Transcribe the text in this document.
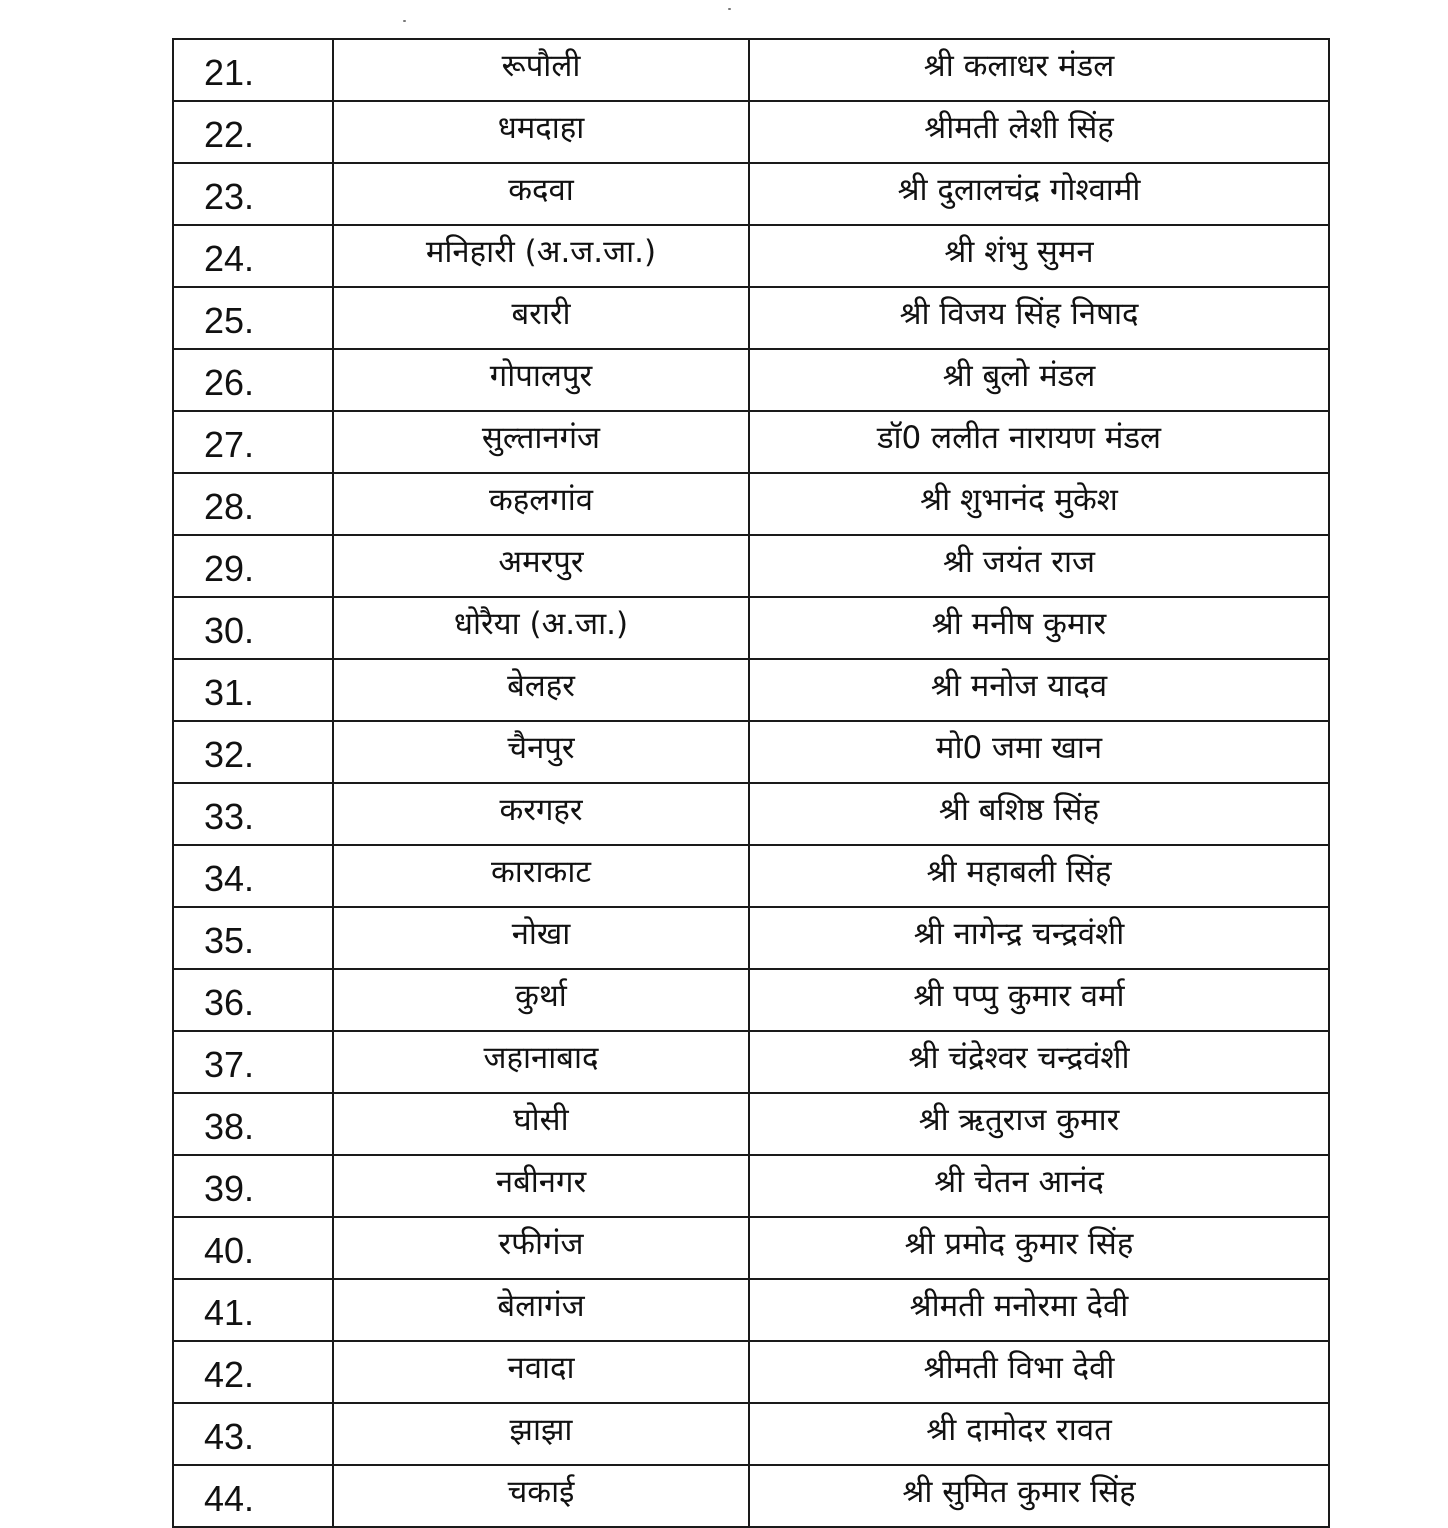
21.	रूपौली	श्री कलाधर मंडल
22.	धमदाहा	श्रीमती लेशी सिंह
23.	कदवा	श्री दुलालचंद्र गोश्वामी
24.	मनिहारी (अ.ज.जा.)	श्री शंभु सुमन
25.	बरारी	श्री विजय सिंह निषाद
26.	गोपालपुर	श्री बुलो मंडल
27.	सुल्तानगंज	डॉ0 ललीत नारायण मंडल
28.	कहलगांव	श्री शुभानंद मुकेश
29.	अमरपुर	श्री जयंत राज
30.	धोरैया (अ.जा.)	श्री मनीष कुमार
31.	बेलहर	श्री मनोज यादव
32.	चैनपुर	मो0 जमा खान
33.	करगहर	श्री बशिष्ठ सिंह
34.	काराकाट	श्री महाबली सिंह
35.	नोखा	श्री नागेन्द्र चन्द्रवंशी
36.	कुर्था	श्री पप्पु कुमार वर्मा
37.	जहानाबाद	श्री चंद्रेश्वर चन्द्रवंशी
38.	घोसी	श्री ऋतुराज कुमार
39.	नबीनगर	श्री चेतन आनंद
40.	रफीगंज	श्री प्रमोद कुमार सिंह
41.	बेलागंज	श्रीमती मनोरमा देवी
42.	नवादा	श्रीमती विभा देवी
43.	झाझा	श्री दामोदर रावत
44.	चकाई	श्री सुमित कुमार सिंह
